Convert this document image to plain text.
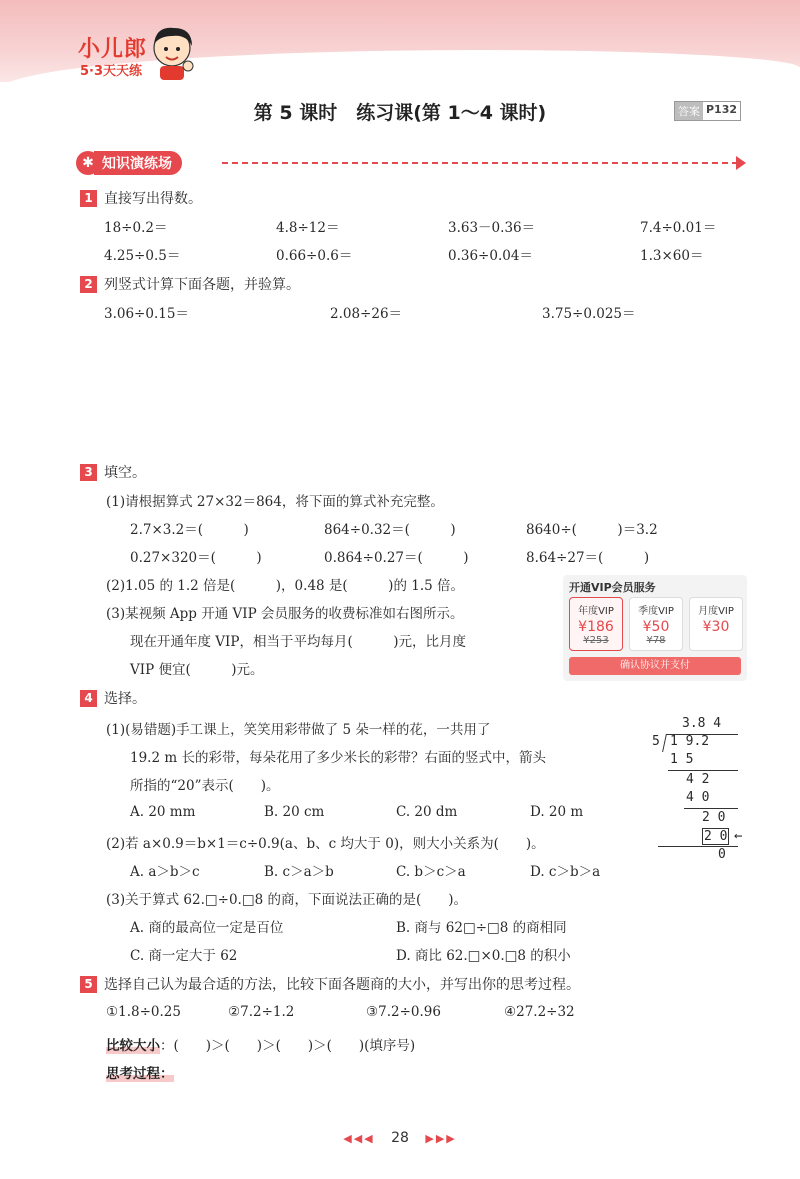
小儿郎
5·3天天练
第 5 课时　练习课(第 1～4 课时)	答案 P132
✱ 知识演练场
1 直接写出得数。
18÷0.2＝	4.8÷12＝	3.63－0.36＝	7.4÷0.01＝
4.25÷0.5＝	0.66÷0.6＝	0.36÷0.04＝	1.3×60＝
2 列竖式计算下面各题，并验算。
3.06÷0.15＝	2.08÷26＝	3.75÷0.025＝
3 填空。
(1)请根据算式 27×32＝864，将下面的算式补充完整。
2.7×3.2＝(　　　)	864÷0.32＝(　　　)	8640÷(　　　)＝3.2
0.27×320＝(　　　)	0.864÷0.27＝(　　　)	8.64÷27＝(　　　)
(2)1.05 的 1.2 倍是(　　　)，0.48 是(　　　)的 1.5 倍。
(3)某视频 App 开通 VIP 会员服务的收费标准如右图所示。
现在开通年度 VIP，相当于平均每月(　　　)元，比月度
VIP 便宜(　　　)元。
开通VIP会员服务
年度VIP
¥186
¥253
季度VIP
¥50
¥78
月度VIP
¥30
确认协议并支付
4 选择。
(1)(易错题)手工课上，笑笑用彩带做了 5 朵一样的花，一共用了
19.2 m 长的彩带，每朵花用了多少米长的彩带？右面的竖式中，箭头
所指的“20”表示(　　)。
A. 20 mm	B. 20 cm	C. 20 dm	D. 20 m
(2)若 a×0.9＝b×1＝c÷0.9(a、b、c 均大于 0)，则大小关系为(　　)。
A. a＞b＞c	B. c＞a＞b	C. b＞c＞a	D. c＞b＞a
(3)关于算式 62.□÷0.□8 的商，下面说法正确的是(　　)。
A. 商的最高位一定是百位	B. 商与 62□÷□8 的商相同
C. 商一定大于 62	D. 商比 62.□×0.□8 的积小
3.8 4
5 1 9.2
1 5
4 2
4 0
2 0
2 0 ←
0
5 选择自己认为最合适的方法，比较下面各题商的大小，并写出你的思考过程。
①1.8÷0.25	②7.2÷1.2	③7.2÷0.96	④27.2÷32
比较大小：(　　)＞(　　)＞(　　)＞(　　)(填序号)
思考过程：
◀◀◀ 28 ▶▶▶
